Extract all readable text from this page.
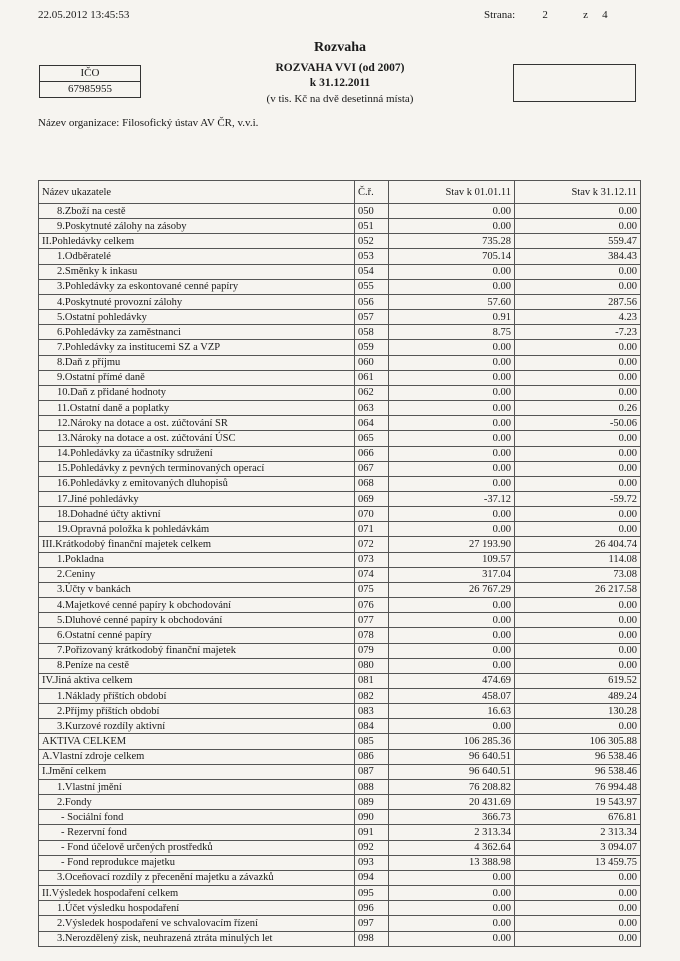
22.05.2012 13:45:53	Strana:	2	z 4
Rozvaha
ROZVAHA VVI (od 2007)
k 31.12.2011
(v tis. Kč na dvě desetinná místa)
IČO
67985955
Název organizace: Filosofický ústav AV ČR, v.v.i.
Název ukazatele	Č.ř.	Stav k 01.01.11	Stav k 31.12.11
8.Zboží na cestě	050	0.00	0.00
9.Poskytnuté zálohy na zásoby	051	0.00	0.00
II.Pohledávky celkem	052	735.28	559.47
1.Odběratelé	053	705.14	384.43
2.Směnky k inkasu	054	0.00	0.00
3.Pohledávky za eskontované cenné papíry	055	0.00	0.00
4.Poskytnuté provozní zálohy	056	57.60	287.56
5.Ostatní pohledávky	057	0.91	4.23
6.Pohledávky za zaměstnanci	058	8.75	-7.23
7.Pohledávky za institucemi SZ a VZP	059	0.00	0.00
8.Daň z příjmu	060	0.00	0.00
9.Ostatní přímé daně	061	0.00	0.00
10.Daň z přidané hodnoty	062	0.00	0.00
11.Ostatní daně a poplatky	063	0.00	0.26
12.Nároky na dotace a ost. zúčtování SR	064	0.00	-50.06
13.Nároky na dotace a ost. zúčtování ÚSC	065	0.00	0.00
14.Pohledávky za účastníky sdružení	066	0.00	0.00
15.Pohledávky z pevných terminovaných operací	067	0.00	0.00
16.Pohledávky z emitovaných dluhopisů	068	0.00	0.00
17.Jiné pohledávky	069	-37.12	-59.72
18.Dohadné účty aktivní	070	0.00	0.00
19.Opravná položka k pohledávkám	071	0.00	0.00
III.Krátkodobý finanční majetek celkem	072	27 193.90	26 404.74
1.Pokladna	073	109.57	114.08
2.Ceniny	074	317.04	73.08
3.Účty v bankách	075	26 767.29	26 217.58
4.Majetkové cenné papíry k obchodování	076	0.00	0.00
5.Dluhové cenné papíry k obchodování	077	0.00	0.00
6.Ostatní cenné papíry	078	0.00	0.00
7.Pořizovaný krátkodobý finanční majetek	079	0.00	0.00
8.Peníze na cestě	080	0.00	0.00
IV.Jiná aktiva celkem	081	474.69	619.52
1.Náklady příštích období	082	458.07	489.24
2.Příjmy příštích období	083	16.63	130.28
3.Kurzové rozdíly aktivní	084	0.00	0.00
AKTIVA CELKEM	085	106 285.36	106 305.88
A.Vlastní zdroje celkem	086	96 640.51	96 538.46
I.Jmění celkem	087	96 640.51	96 538.46
1.Vlastní jmění	088	76 208.82	76 994.48
2.Fondy	089	20 431.69	19 543.97
- Sociální fond	090	366.73	676.81
- Rezervní fond	091	2 313.34	2 313.34
- Fond účelově určených prostředků	092	4 362.64	3 094.07
- Fond reprodukce majetku	093	13 388.98	13 459.75
3.Oceňovací rozdíly z přecenění majetku a závazků	094	0.00	0.00
II.Výsledek hospodaření celkem	095	0.00	0.00
1.Účet výsledku hospodaření	096	0.00	0.00
2.Výsledek hospodaření ve schvalovacím řízení	097	0.00	0.00
3.Nerozdělený zisk, neuhrazená ztráta minulých let	098	0.00	0.00
